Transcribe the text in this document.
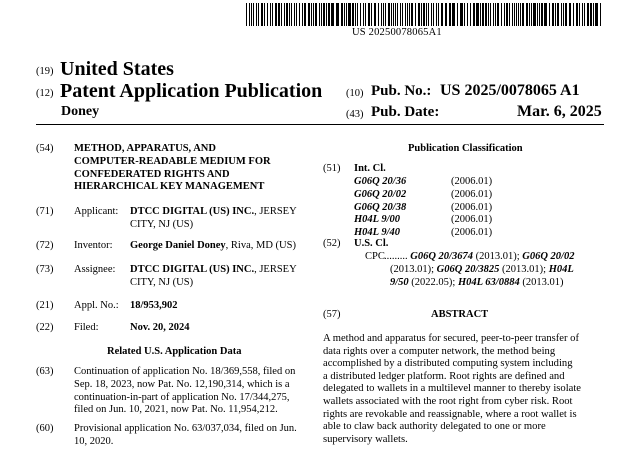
US 20250078065A1
(19) United States
(12) Patent Application Publication
Doney
(10) Pub. No.: US 2025/0078065 A1
(43) Pub. Date:	Mar. 6, 2025
(54) METHOD, APPARATUS, AND
COMPUTER-READABLE MEDIUM FOR
CONFEDERATED RIGHTS AND
HIERARCHICAL KEY MANAGEMENT
(71) Applicant: DTCC DIGITAL (US) INC., JERSEY
CITY, NJ (US)
(72) Inventor: George Daniel Doney, Riva, MD (US)
(73) Assignee: DTCC DIGITAL (US) INC., JERSEY
CITY, NJ (US)
(21) Appl. No.: 18/953,902
(22) Filed:	Nov. 20, 2024
Related U.S. Application Data
(63) Continuation of application No. 18/369,558, filed on
Sep. 18, 2023, now Pat. No. 12,190,314, which is a
continuation-in-part of application No. 17/344,275,
filed on Jun. 10, 2021, now Pat. No. 11,954,212.
(60) Provisional application No. 63/037,034, filed on Jun.
10, 2020.
Publication Classification
(51) Int. Cl.
G06Q 20/36	(2006.01)
G06Q 20/02	(2006.01)
G06Q 20/38	(2006.01)
H04L 9/00	(2006.01)
H04L 9/40	(2006.01)
(52) U.S. Cl.
CPC ......... G06Q 20/3674 (2013.01); G06Q 20/02
(2013.01); G06Q 20/3825 (2013.01); H04L
9/50 (2022.05); H04L 63/0884 (2013.01)
(57)	ABSTRACT
A method and apparatus for secured, peer-to-peer transfer of
data rights over a computer network, the method being
accomplished by a distributed computing system including
a distributed ledger platform. Root rights are defined and
delegated to wallets in a multilevel manner to thereby isolate
wallets associated with the root right from cyber risk. Root
rights are revokable and reassignable, where a root wallet is
able to claw back authority delegated to one or more
supervisory wallets.
